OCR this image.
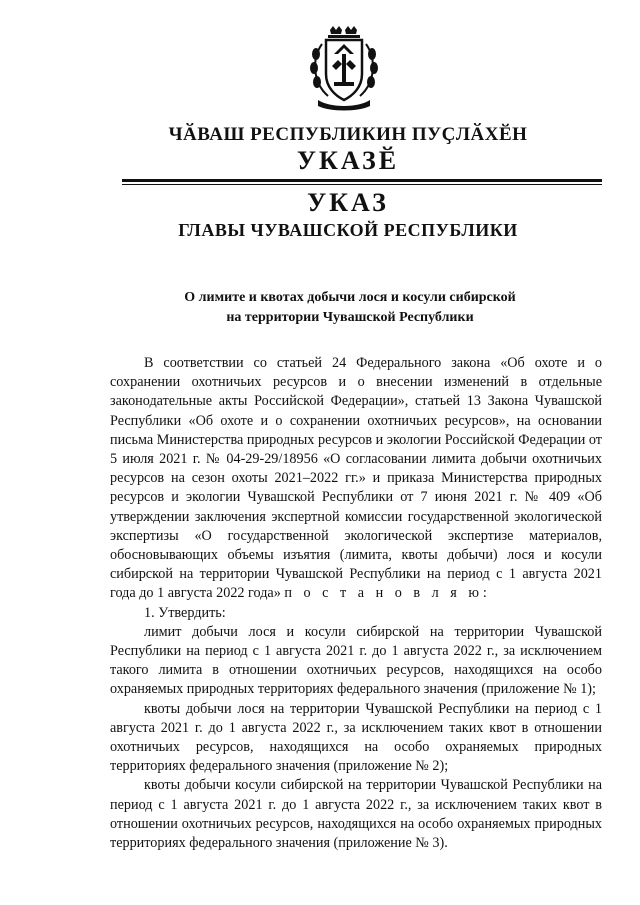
ЧӐВАШ РЕСПУБЛИКИН ПУҪЛӐХӖН
УКАЗӖ
УКАЗ
ГЛАВЫ ЧУВАШСКОЙ РЕСПУБЛИКИ
О лимите и квотах добычи лося и косули сибирской
на территории Чувашской Республики

В соответствии со статьей 24 Федерального закона «Об охоте и о сохранении охотничьих ресурсов и о внесении изменений в отдельные законодательные акты Российской Федерации», статьей 13 Закона Чувашской Республики «Об охоте и о сохранении охотничьих ресурсов», на основании письма Министерства природных ресурсов и экологии Российской Федерации от 5 июля 2021 г. № 04-29-29/18956 «О согласовании лимита добычи охотничьих ресурсов на сезон охоты 2021–2022 гг.» и приказа Министерства природных ресурсов и экологии Чувашской Республики от 7 июня 2021 г. № 409 «Об утверждении заключения экспертной комиссии государственной экологической экспертизы «О государственной экологической экспертизе материалов, обосновывающих объемы изъятия (лимита, квоты добычи) лося и косули сибирской на территории Чувашской Республики на период с 1 августа 2021 года до 1 августа 2022 года» п о с т а н о в л я ю:

1. Утвердить:

лимит добычи лося и косули сибирской на территории Чувашской Республики на период с 1 августа 2021 г. до 1 августа 2022 г., за исключением такого лимита в отношении охотничьих ресурсов, находящихся на особо охраняемых природных территориях федерального значения (приложение № 1);

квоты добычи лося на территории Чувашской Республики на период с 1 августа 2021 г. до 1 августа 2022 г., за исключением таких квот в отношении охотничьих ресурсов, находящихся на особо охраняемых природных территориях федерального значения (приложение № 2);

квоты добычи косули сибирской на территории Чувашской Республики на период с 1 августа 2021 г. до 1 августа 2022 г., за исключением таких квот в отношении охотничьих ресурсов, находящихся на особо охраняемых природных территориях федерального значения (приложение № 3).
